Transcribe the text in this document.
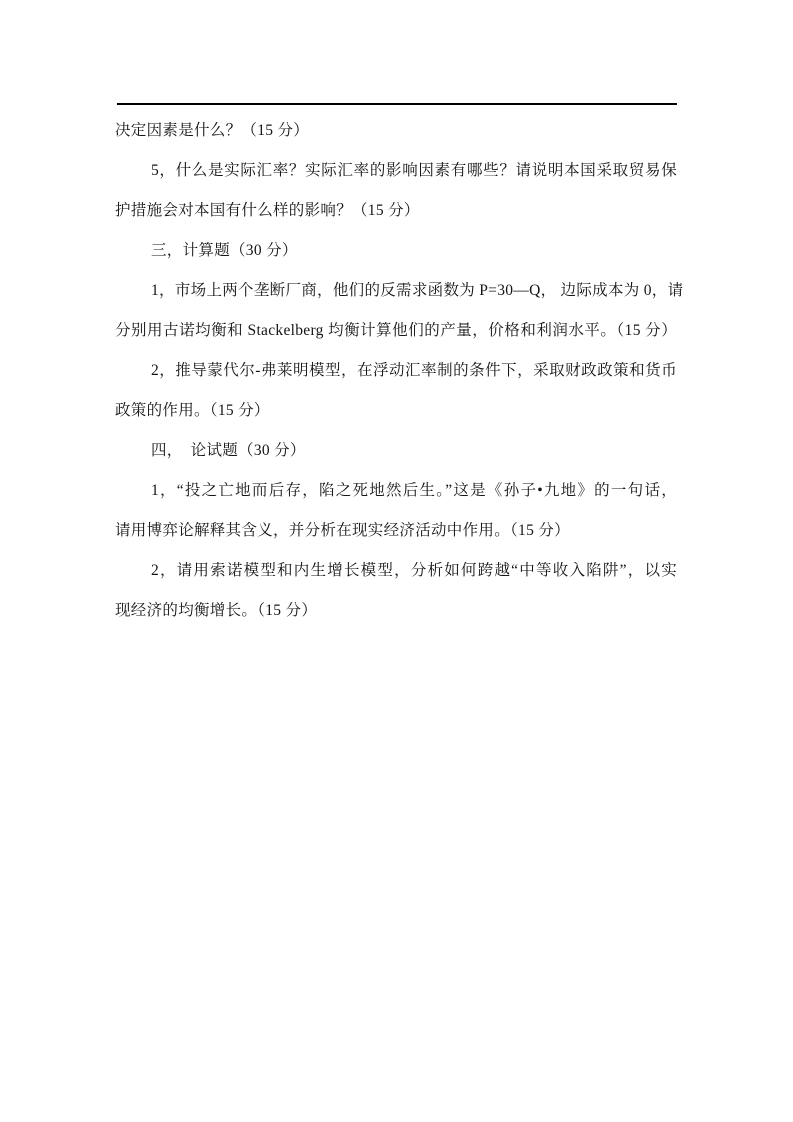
决定因素是什么？（15 分）
5，什么是实际汇率？实际汇率的影响因素有哪些？请说明本国采取贸易保
护措施会对本国有什么样的影响？（15 分）
三，计算题（30 分）
1，市场上两个垄断厂商，他们的反需求函数为 P=30—Q， 边际成本为 0，请
分别用古诺均衡和 Stackelberg 均衡计算他们的产量，价格和利润水平。（15 分）
2，推导蒙代尔-弗莱明模型，在浮动汇率制的条件下，采取财政政策和货币
政策的作用。（15 分）
四，　论试题（30 分）
1，“投之亡地而后存，陷之死地然后生。”这是《孙子•九地》的一句话，
请用博弈论解释其含义，并分析在现实经济活动中作用。（15 分）
2，请用索诺模型和内生增长模型，分析如何跨越“中等收入陷阱”，以实
现经济的均衡增长。（15 分）
